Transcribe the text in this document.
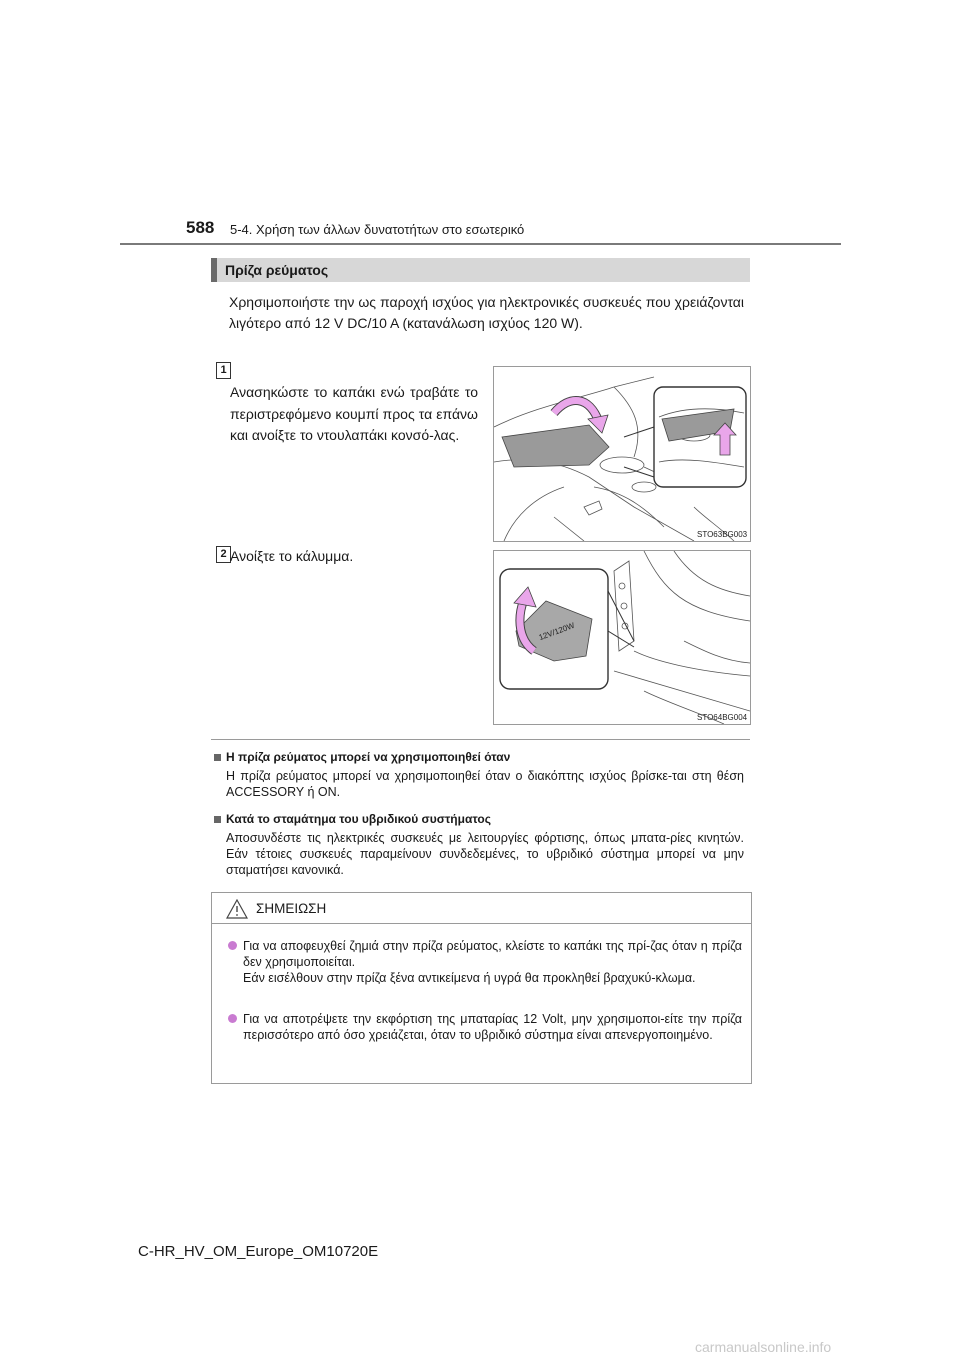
588 5-4. Χρήση των άλλων δυνατοτήτων στο εσωτερικό
Πρίζα ρεύματος
Χρησιμοποιήστε την ως παροχή ισχύος για ηλεκτρονικές συσκευές που χρειάζονται λιγότερο από 12 V DC/10 A (κατανάλωση ισχύος 120 W).
1
Ανασηκώστε το καπάκι ενώ τραβάτε το περιστρεφόμενο κουμπί προς τα επάνω και ανοίξτε το ντουλαπάκι κονσό-λας.
STO63BG003
2 Ανοίξτε το κάλυμμα.
12V/120W
STO64BG004
Η πρίζα ρεύματος μπορεί να χρησιμοποιηθεί όταν
Η πρίζα ρεύματος μπορεί να χρησιμοποιηθεί όταν ο διακόπτης ισχύος βρίσκε-ται στη θέση ACCESSORY ή ON.
Κατά το σταμάτημα του υβριδικού συστήματος
Αποσυνδέστε τις ηλεκτρικές συσκευές με λειτουργίες φόρτισης, όπως μπατα-ρίες κινητών. Εάν τέτοιες συσκευές παραμείνουν συνδεδεμένες, το υβριδικό σύστημα μπορεί να μην σταματήσει κανονικά.
ΣΗΜΕΙΩΣΗ
Για να αποφευχθεί ζημιά στην πρίζα ρεύματος, κλείστε το καπάκι της πρί-ζας όταν η πρίζα δεν χρησιμοποιείται.
Εάν εισέλθουν στην πρίζα ξένα αντικείμενα ή υγρά θα προκληθεί βραχυκύ-κλωμα.
Για να αποτρέψετε την εκφόρτιση της μπαταρίας 12 Volt, μην χρησιμοποι-είτε την πρίζα περισσότερο από όσο χρειάζεται, όταν το υβριδικό σύστημα είναι απενεργοποιημένο.
C-HR_HV_OM_Europe_OM10720E
carmanualsonline.info
